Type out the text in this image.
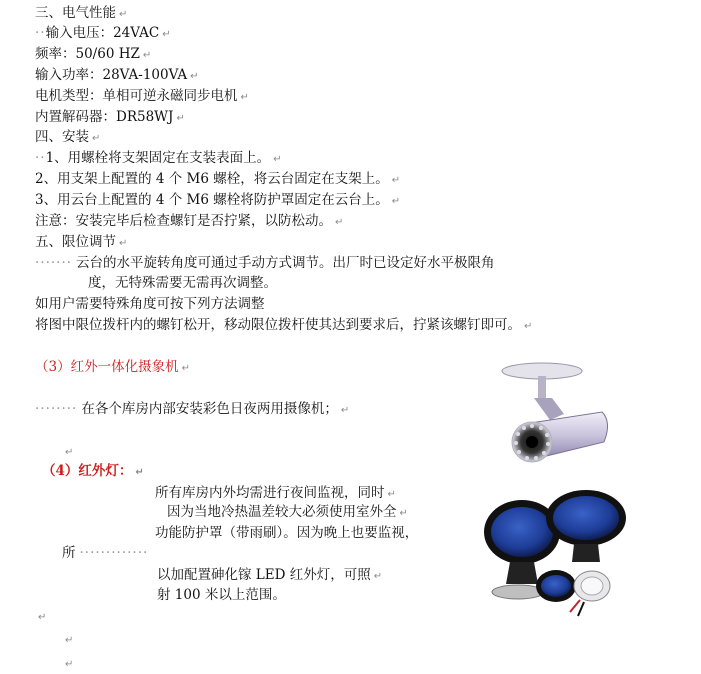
三、电气性能 ↵
··输入电压：24VAC ↵
频率：50/60 HZ ↵
输入功率：28VA-100VA ↵
电机类型：单相可逆永磁同步电机 ↵
内置解码器：DR58WJ ↵
四、安装 ↵
··1、用螺栓将支架固定在支装表面上。 ↵
2、用支架上配置的 4 个 M6 螺栓，将云台固定在支架上。 ↵
3、用云台上配置的 4 个 M6 螺栓将防护罩固定在云台上。 ↵
注意：安装完毕后检查螺钉是否拧紧，以防松动。 ↵
五、限位调节 ↵
······· 云台的水平旋转角度可通过手动方式调节。出厂时已设定好水平极限角
度，无特殊需要无需再次调整。
如用户需要特殊角度可按下列方法调整
将图中限位拨杆内的螺钉松开，移动限位拨杆使其达到要求后，拧紧该螺钉即可。 ↵
（3）红外一体化摄象机 ↵
········ 在各个库房内部安装彩色日夜两用摄像机； ↵
↵
（4）红外灯： ↵
所有库房内外均需进行夜间监视，同时 ↵
因为当地冷热温差较大必须使用室外全 ↵
功能防护罩（带雨刷）。因为晚上也要监视，
所 ·············
以加配置砷化镓 LED 红外灯，可照 ↵
射 100 米以上范围。
↵
↵
↵
